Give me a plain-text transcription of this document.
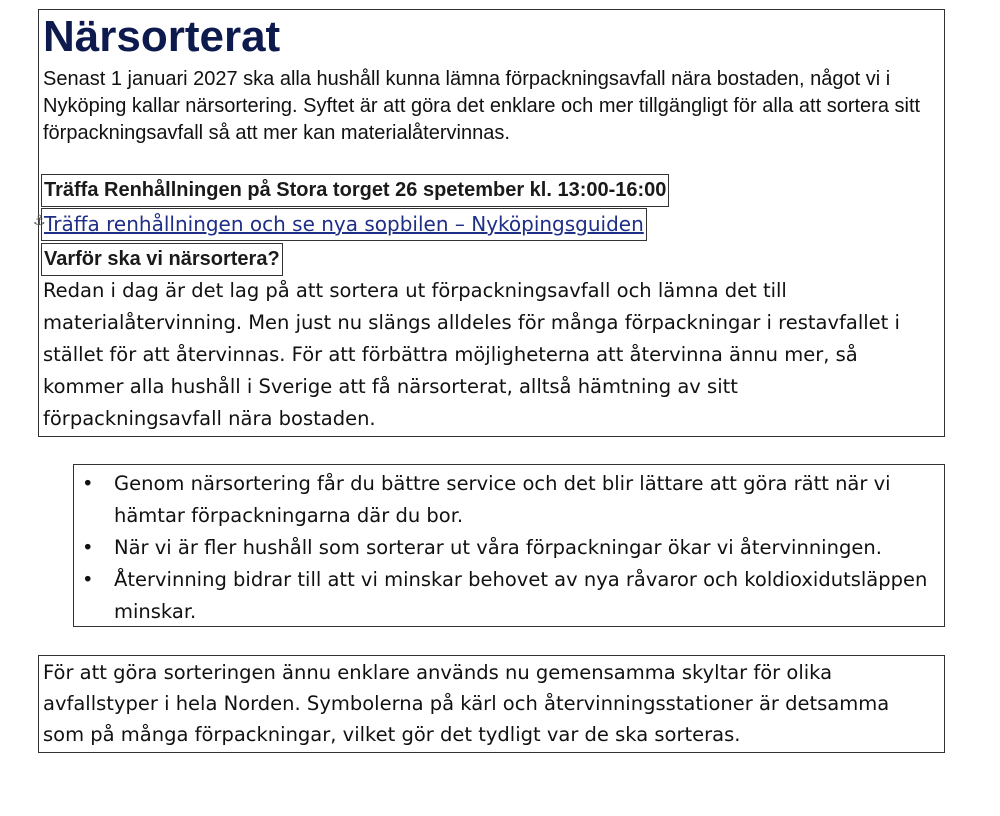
Närsorterat

Senast 1 januari 2027 ska alla hushåll kunna lämna förpackningsavfall nära bostaden, något vi i Nyköping kallar närsortering. Syftet är att göra det enklare och mer tillgängligt för alla att sortera sitt förpackningsavfall så att mer kan materialåtervinnas.

Träffa Renhållningen på Stora torget 26 spetember kl. 13:00-16:00
⚓
Träffa renhållningen och se nya sopbilen – Nyköpingsguiden
Varför ska vi närsortera?

Redan i dag är det lag på att sortera ut förpackningsavfall och lämna det till materialåtervinning. Men just nu slängs alldeles för många förpackningar i restavfallet i stället för att återvinnas. För att förbättra möjligheterna att återvinna ännu mer, så kommer alla hushåll i Sverige att få närsorterat, alltså hämtning av sitt förpackningsavfall nära bostaden.

• Genom närsortering får du bättre service och det blir lättare att göra rätt när vi hämtar förpackningarna där du bor.
• När vi är fler hushåll som sorterar ut våra förpackningar ökar vi återvinningen.
• Återvinning bidrar till att vi minskar behovet av nya råvaror och koldioxidutsläppen minskar.

För att göra sorteringen ännu enklare används nu gemensamma skyltar för olika avfallstyper i hela Norden. Symbolerna på kärl och återvinningsstationer är detsamma som på många förpackningar, vilket gör det tydligt var de ska sorteras.
